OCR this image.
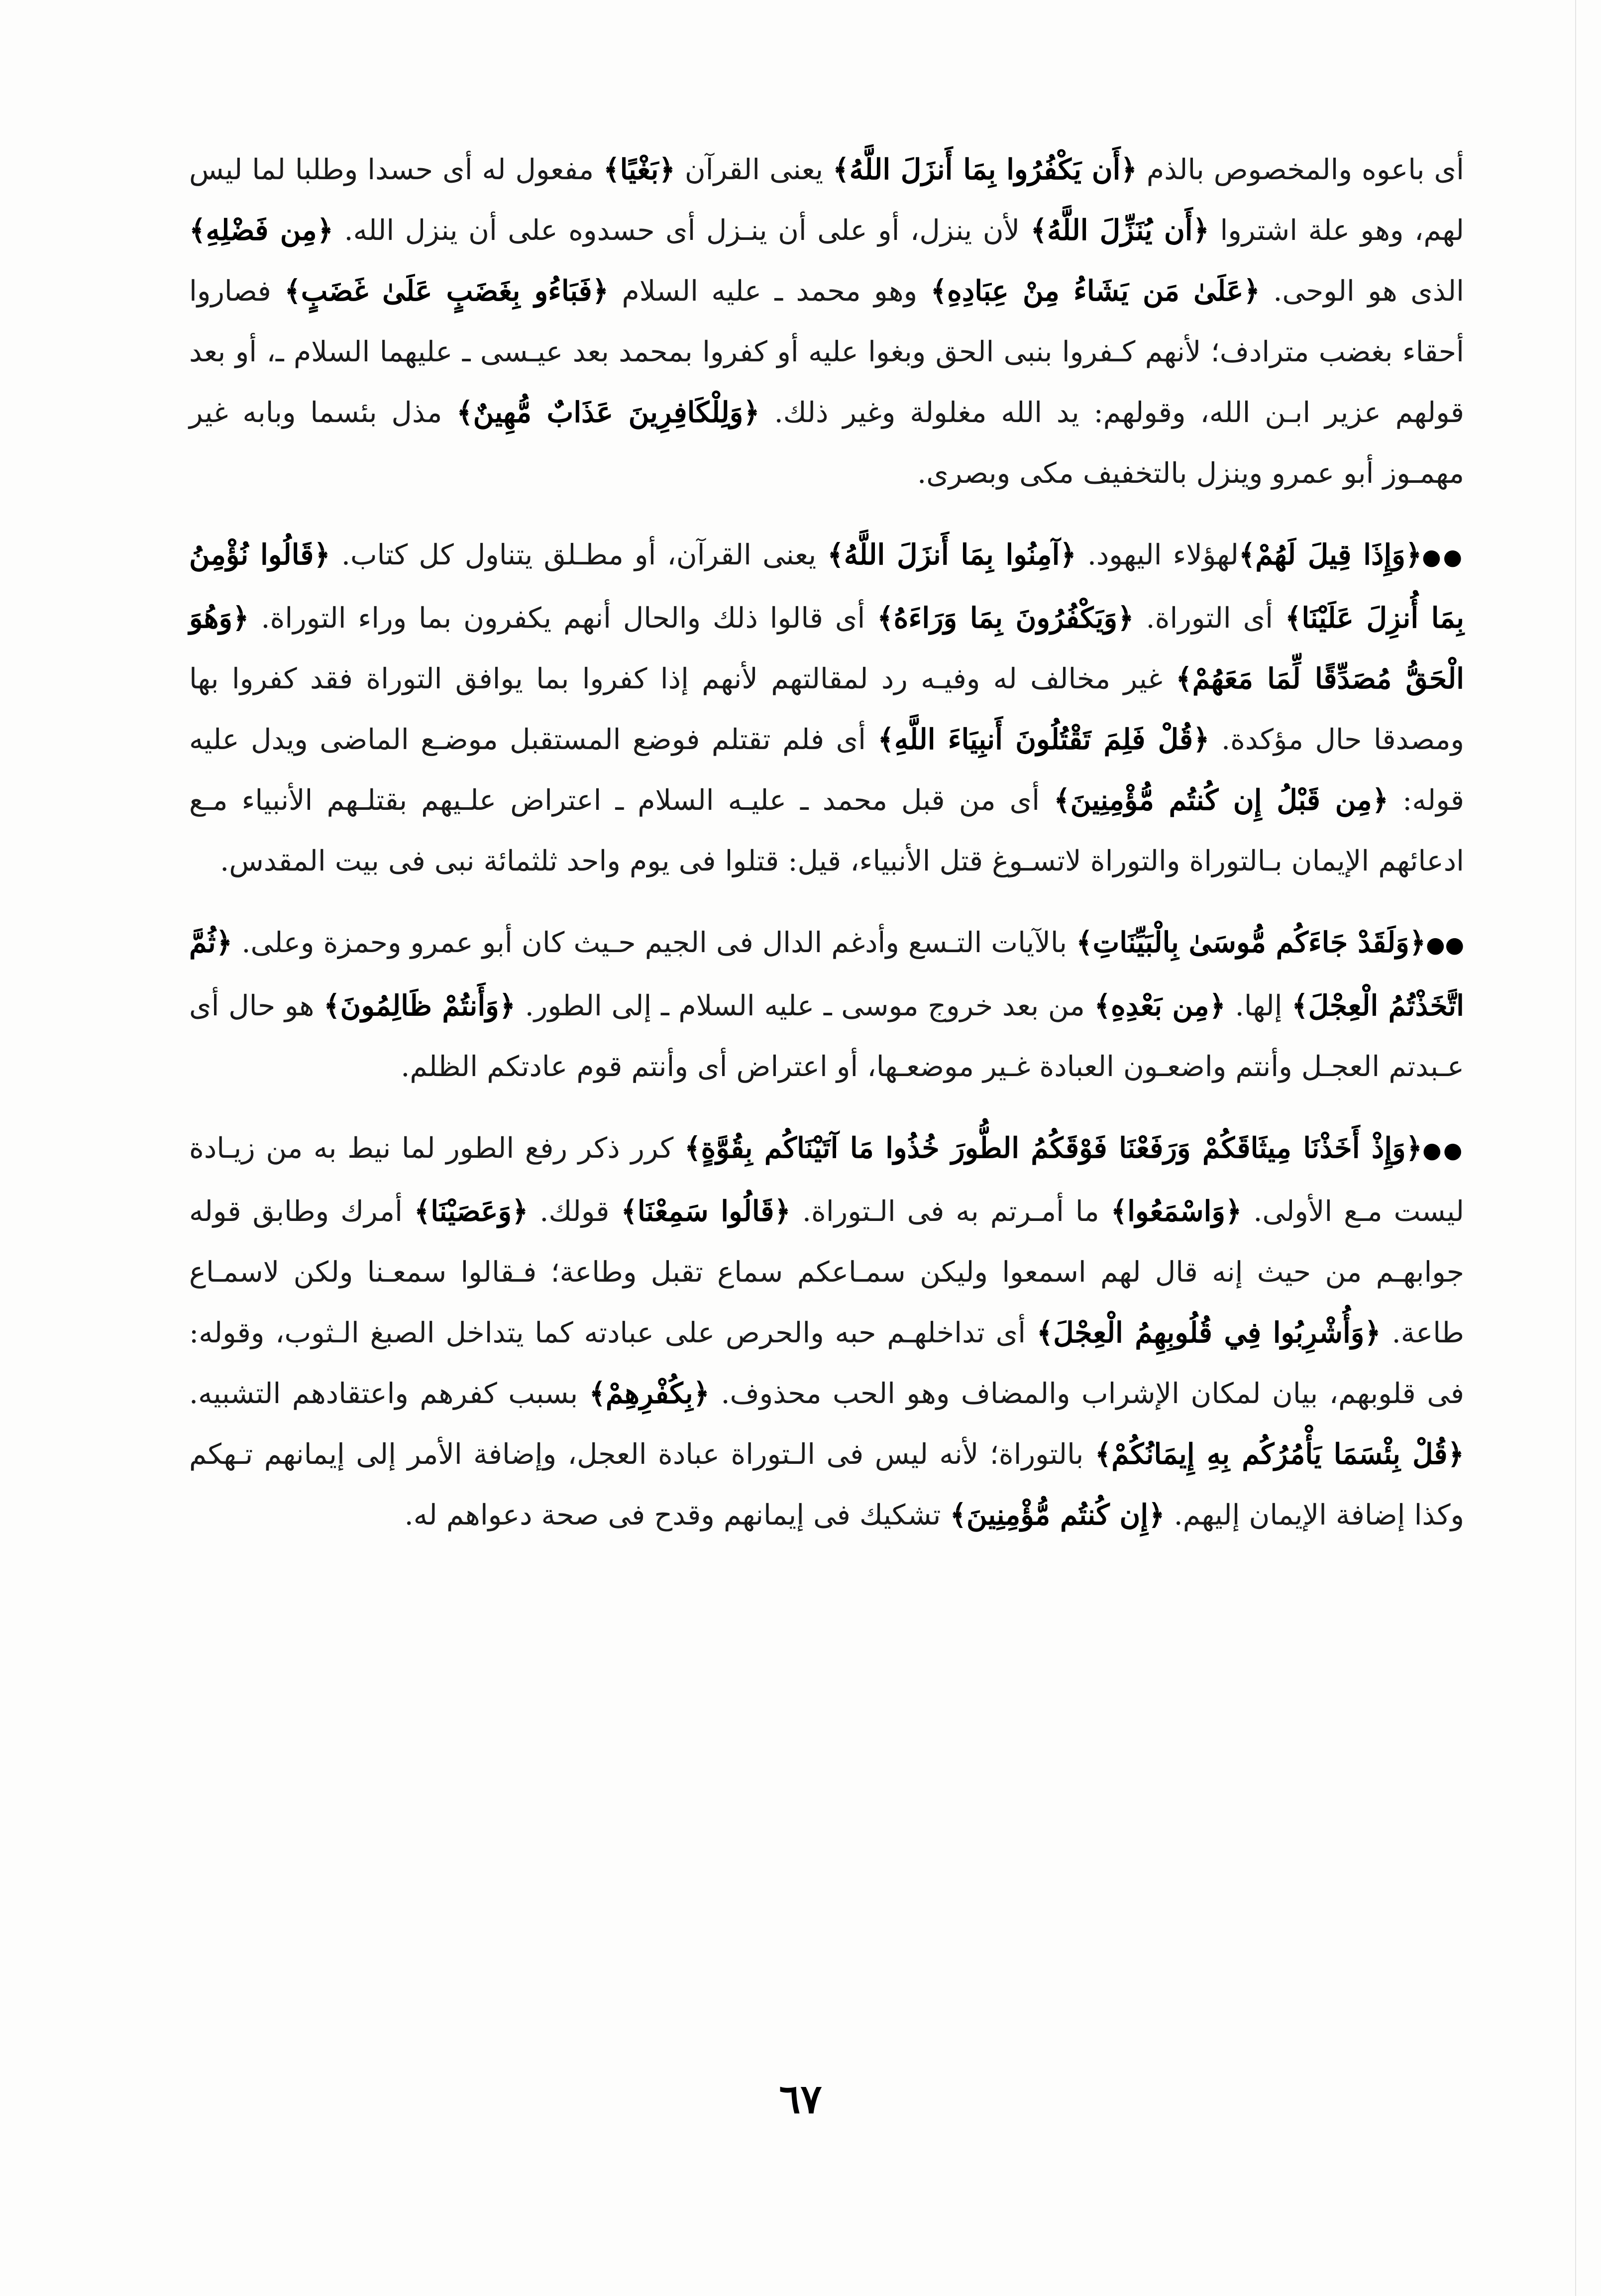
أى باعوه والمخصوص بالذم ﴿أَن يَكْفُرُوا بِمَا أَنزَلَ اللَّهُ﴾ يعنى القرآن ﴿بَغْيًا﴾ مفعول له أى حسدا وطلبا لما ليس لهم، وهو علة اشتروا ﴿أَن يُنَزِّلَ اللَّهُ﴾ لأن ينزل، أو على أن ينـزل أى حسدوه على أن ينزل الله. ﴿مِن فَضْلِهِ﴾ الذى هو الوحى. ﴿عَلَىٰ مَن يَشَاءُ مِنْ عِبَادِهِ﴾ وهو محمد ـ عليه السلام ﴿فَبَاءُو بِغَضَبٍ عَلَىٰ غَضَبٍ﴾ فصاروا أحقاء بغضب مترادف؛ لأنهم كـفروا بنبى الحق وبغوا عليه أو كفروا بمحمد بعد عيـسى ـ عليهما السلام ـ، أو بعد قولهم عزير ابـن الله، وقولهم: يد الله مغلولة وغير ذلك. ﴿وَلِلْكَافِرِينَ عَذَابٌ مُّهِينٌ﴾ مذل بئسما وبابه غير مهمـوز أبو عمرو وينزل بالتخفيف مكى وبصرى.

●●﴿وَإِذَا قِيلَ لَهُمْ﴾لهؤلاء اليهود. ﴿آمِنُوا بِمَا أَنزَلَ اللَّهُ﴾ يعنى القرآن، أو مطـلق يتناول كل كتاب. ﴿قَالُوا نُؤْمِنُ بِمَا أُنزِلَ عَلَيْنَا﴾ أى التوراة. ﴿وَيَكْفُرُونَ بِمَا وَرَاءَهُ﴾ أى قالوا ذلك والحال أنهم يكفرون بما وراء التوراة. ﴿وَهُوَ الْحَقُّ مُصَدِّقًا لِّمَا مَعَهُمْ﴾ غير مخالف له وفيـه رد لمقالتهم لأنهم إذا كفروا بما يوافق التوراة فقد كفروا بها ومصدقا حال مؤكدة. ﴿قُلْ فَلِمَ تَقْتُلُونَ أَنبِيَاءَ اللَّهِ﴾ أى فلم تقتلم فوضع المستقبل موضـع الماضى ويدل عليه قوله: ﴿مِن قَبْلُ إِن كُنتُم مُّؤْمِنِينَ﴾ أى من قبل محمد ـ عليـه السلام ـ اعتراض علـيهم بقتلـهم الأنبياء مـع ادعائهم الإيمان بـالتوراة والتوراة لاتسـوغ قتل الأنبياء، قيل: قتلوا فى يوم واحد ثلثمائة نبى فى بيت المقدس.

●●﴿وَلَقَدْ جَاءَكُم مُّوسَىٰ بِالْبَيِّنَاتِ﴾ بالآيات التـسع وأدغم الدال فى الجيم حـيث كان أبو عمرو وحمزة وعلى. ﴿ثُمَّ اتَّخَذْتُمُ الْعِجْلَ﴾ إلها. ﴿مِن بَعْدِهِ﴾ من بعد خروج موسى ـ عليه السلام ـ إلى الطور. ﴿وَأَنتُمْ ظَالِمُونَ﴾ هو حال أى عـبدتم العجـل وأنتم واضعـون العبادة غـير موضعـها، أو اعتراض أى وأنتم قوم عادتكم الظلم.

●●﴿وَإِذْ أَخَذْنَا مِيثَاقَكُمْ وَرَفَعْنَا فَوْقَكُمُ الطُّورَ خُذُوا مَا آتَيْنَاكُم بِقُوَّةٍ﴾ كرر ذكر رفع الطور لما نيط به من زيـادة ليست مـع الأولى. ﴿وَاسْمَعُوا﴾ ما أمـرتم به فى الـتوراة. ﴿قَالُوا سَمِعْنَا﴾ قولك. ﴿وَعَصَيْنَا﴾ أمرك وطابق قوله جوابهـم من حيث إنه قال لهم اسمعوا وليكن سمـاعكم سماع تقبل وطاعة؛ فـقالوا سمعـنا ولكن لاسمـاع طاعة. ﴿وَأُشْرِبُوا فِي قُلُوبِهِمُ الْعِجْلَ﴾ أى تداخلهـم حبه والحرص على عبادته كما يتداخل الصبغ الـثوب، وقوله: فى قلوبهم، بيان لمكان الإشراب والمضاف وهو الحب محذوف. ﴿بِكُفْرِهِمْ﴾ بسبب كفرهم واعتقادهم التشبيه. ﴿قُلْ بِئْسَمَا يَأْمُرُكُم بِهِ إِيمَانُكُمْ﴾ بالتوراة؛ لأنه ليس فى الـتوراة عبادة العجل، وإضافة الأمر إلى إيمانهم تـهكم وكذا إضافة الإيمان إليهم. ﴿إِن كُنتُم مُّؤْمِنِينَ﴾ تشكيك فى إيمانهم وقدح فى صحة دعواهم له.

٦٧
